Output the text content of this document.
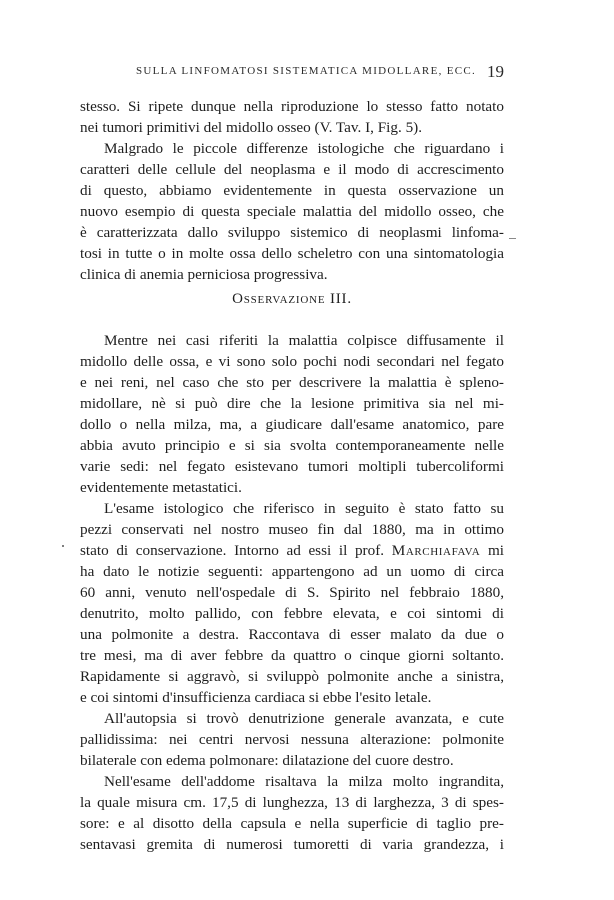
SULLA LINFOMATOSI SISTEMATICA MIDOLLARE, ECC. 19
stesso. Si ripete dunque nella riproduzione lo stesso fatto notato
nei tumori primitivi del midollo osseo (V. Tav. I, Fig. 5).
Malgrado le piccole differenze istologiche che riguardano i
caratteri delle cellule del neoplasma e il modo di accrescimento
di questo, abbiamo evidentemente in questa osservazione un
nuovo esempio di questa speciale malattia del midollo osseo, che
è caratterizzata dallo sviluppo sistemico di neoplasmi linfoma-
tosi in tutte o in molte ossa dello scheletro con una sintomatologia
clinica di anemia perniciosa progressiva.
Osservazione III.
Mentre nei casi riferiti la malattia colpisce diffusamente il
midollo delle ossa, e vi sono solo pochi nodi secondari nel fegato
e nei reni, nel caso che sto per descrivere la malattia è spleno-
midollare, nè si può dire che la lesione primitiva sia nel mi-
dollo o nella milza, ma, a giudicare dall'esame anatomico, pare
abbia avuto principio e si sia svolta contemporaneamente nelle
varie sedi: nel fegato esistevano tumori moltipli tubercoliformi
evidentemente metastatici.
L'esame istologico che riferisco in seguito è stato fatto su
pezzi conservati nel nostro museo fin dal 1880, ma in ottimo
stato di conservazione. Intorno ad essi il prof. Marchiafava mi
ha dato le notizie seguenti: appartengono ad un uomo di circa
60 anni, venuto nell'ospedale di S. Spirito nel febbraio 1880,
denutrito, molto pallido, con febbre elevata, e coi sintomi di
una polmonite a destra. Raccontava di esser malato da due o
tre mesi, ma di aver febbre da quattro o cinque giorni soltanto.
Rapidamente si aggravò, si sviluppò polmonite anche a sinistra,
e coi sintomi d'insufficienza cardiaca si ebbe l'esito letale.
All'autopsia si trovò denutrizione generale avanzata, e cute
pallidissima: nei centri nervosi nessuna alterazione: polmonite
bilaterale con edema polmonare: dilatazione del cuore destro.
Nell'esame dell'addome risaltava la milza molto ingrandita,
la quale misura cm. 17,5 di lunghezza, 13 di larghezza, 3 di spes-
sore: e al disotto della capsula e nella superficie di taglio pre-
sentavasi gremita di numerosi tumoretti di varia grandezza, i
